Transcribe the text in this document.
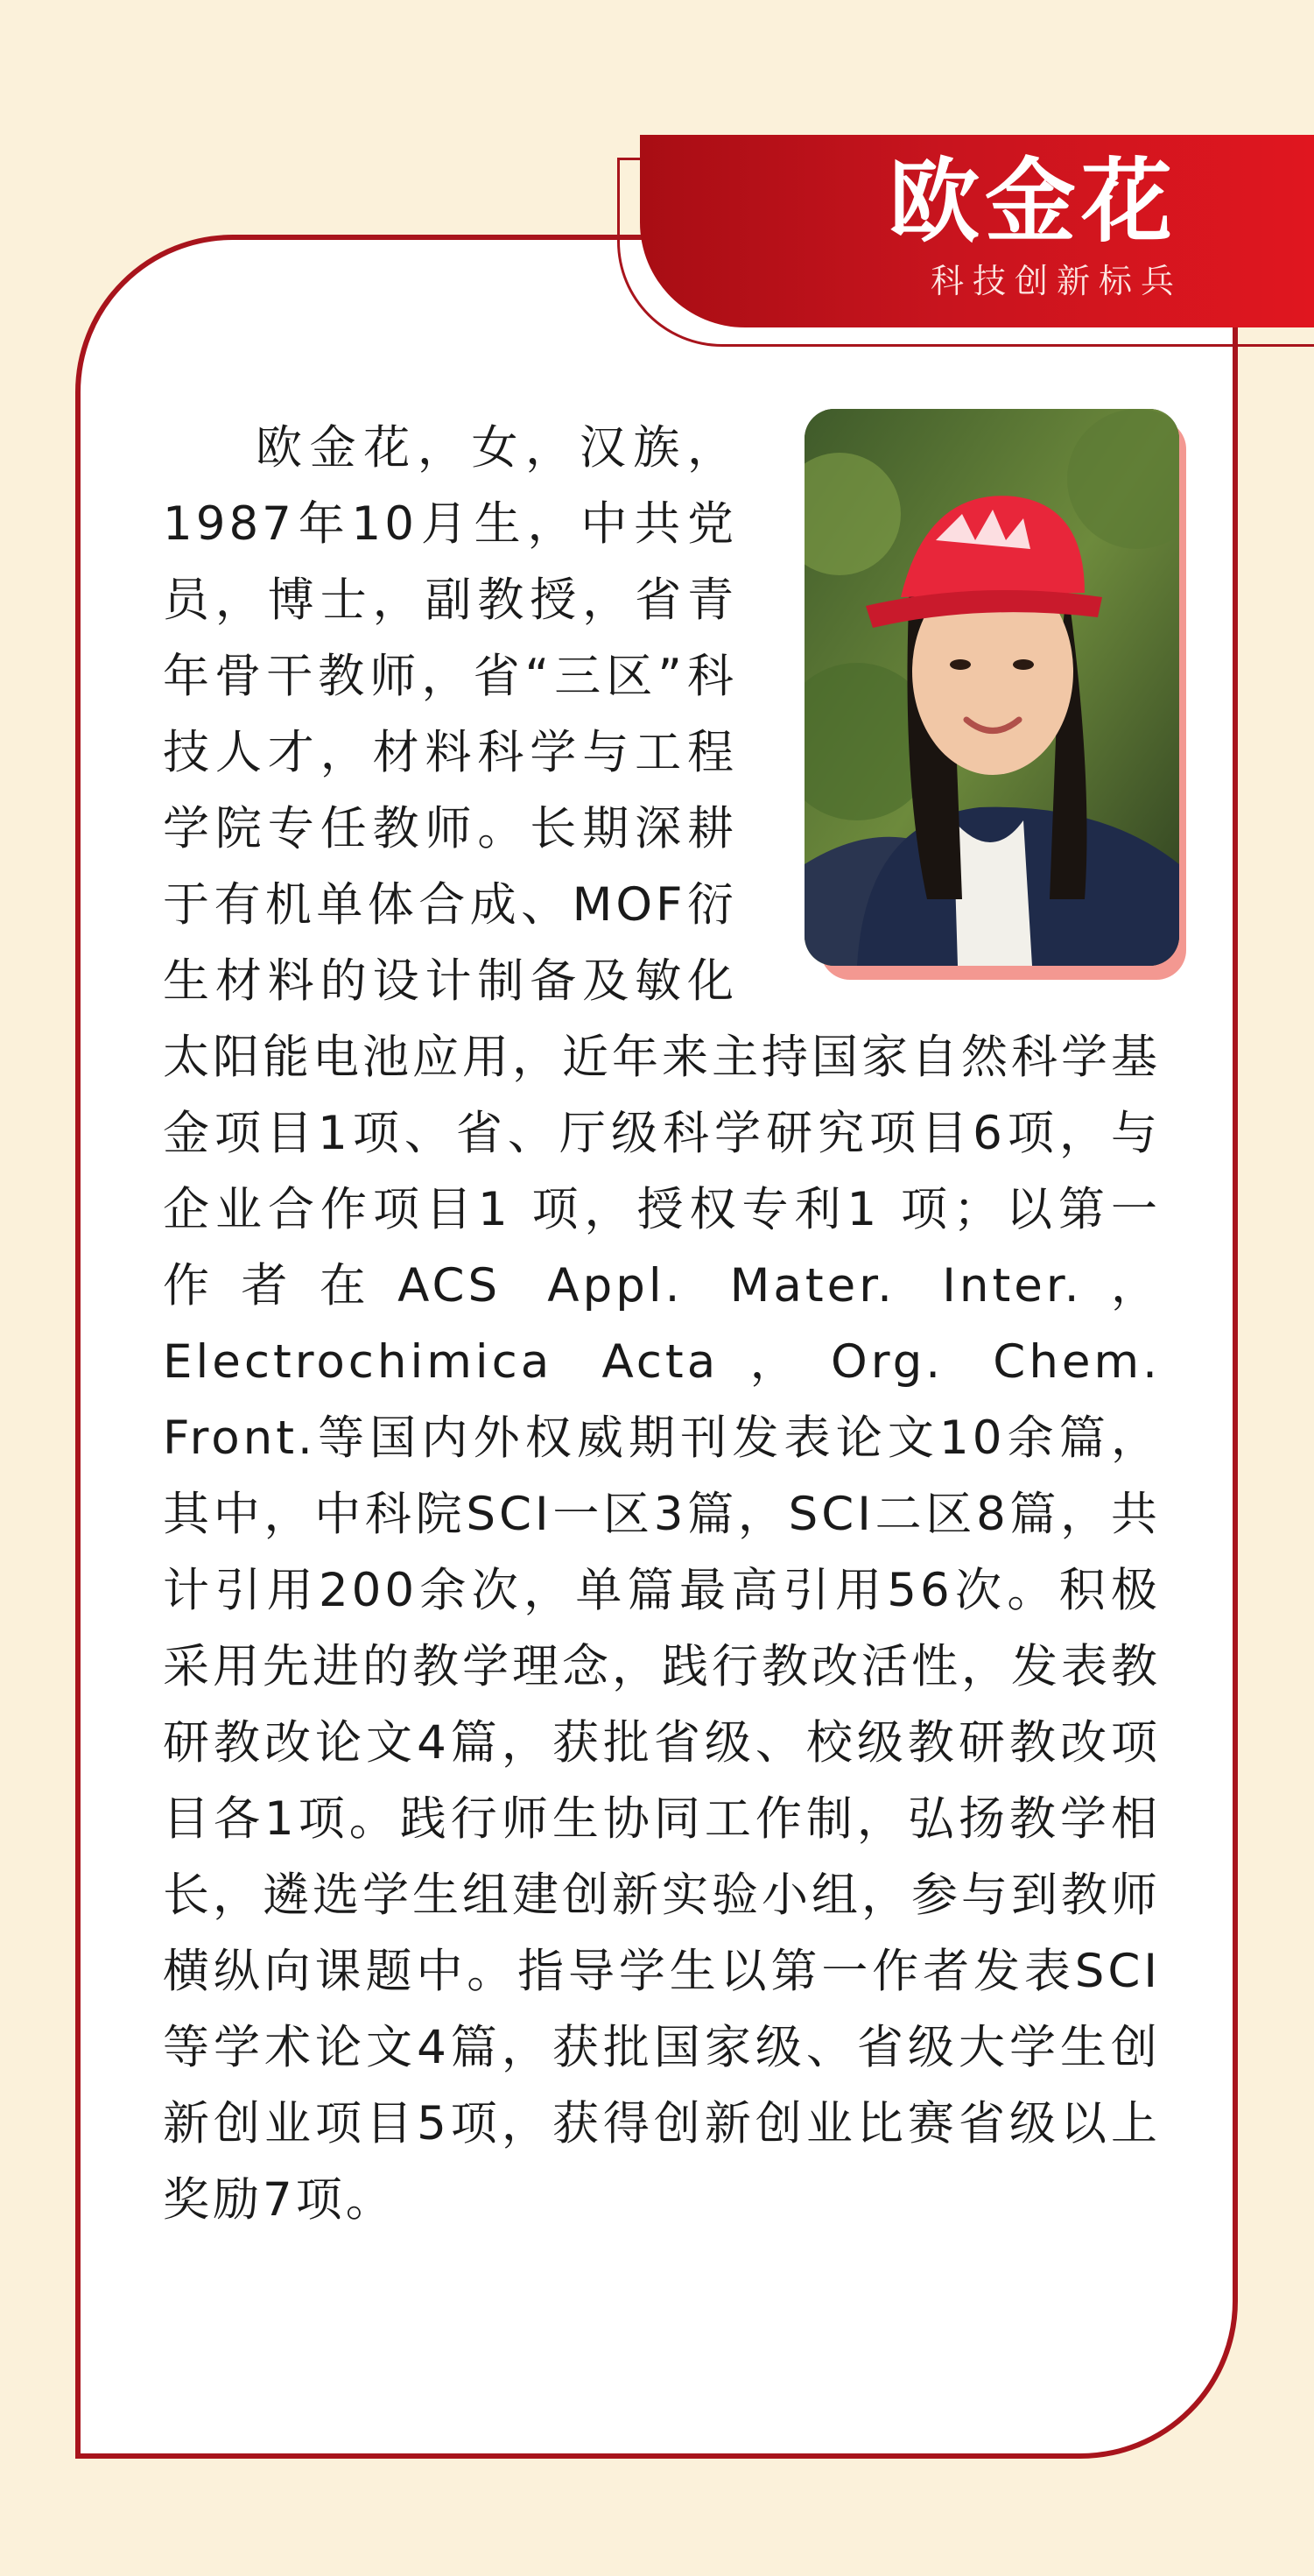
欧金花
科技创新标兵

欧金花，女，汉族，1987年10月生，中共党员，博士，副教授，省青年骨干教师，省“三区”科技人才，材料科学与工程学院专任教师。长期深耕于有机单体合成、MOF衍生材料的设计制备及敏化太阳能电池应用，近年来主持国家自然科学基金项目1项、省、厅级科学研究项目6项，与企业合作项目1 项，授权专利1 项；以第一作者在ACS Appl. Mater. Inter.，Electrochimica Acta，Org. Chem. Front.等国内外权威期刊发表论文10余篇，其中，中科院SCI一区3篇，SCI二区8篇，共计引用200余次，单篇最高引用56次。积极采用先进的教学理念，践行教改活性，发表教研教改论文4篇，获批省级、校级教研教改项目各1项。践行师生协同工作制，弘扬教学相长，遴选学生组建创新实验小组，参与到教师横纵向课题中。指导学生以第一作者发表SCI等学术论文4篇，获批国家级、省级大学生创新创业项目5项，获得创新创业比赛省级以上奖励7项。
